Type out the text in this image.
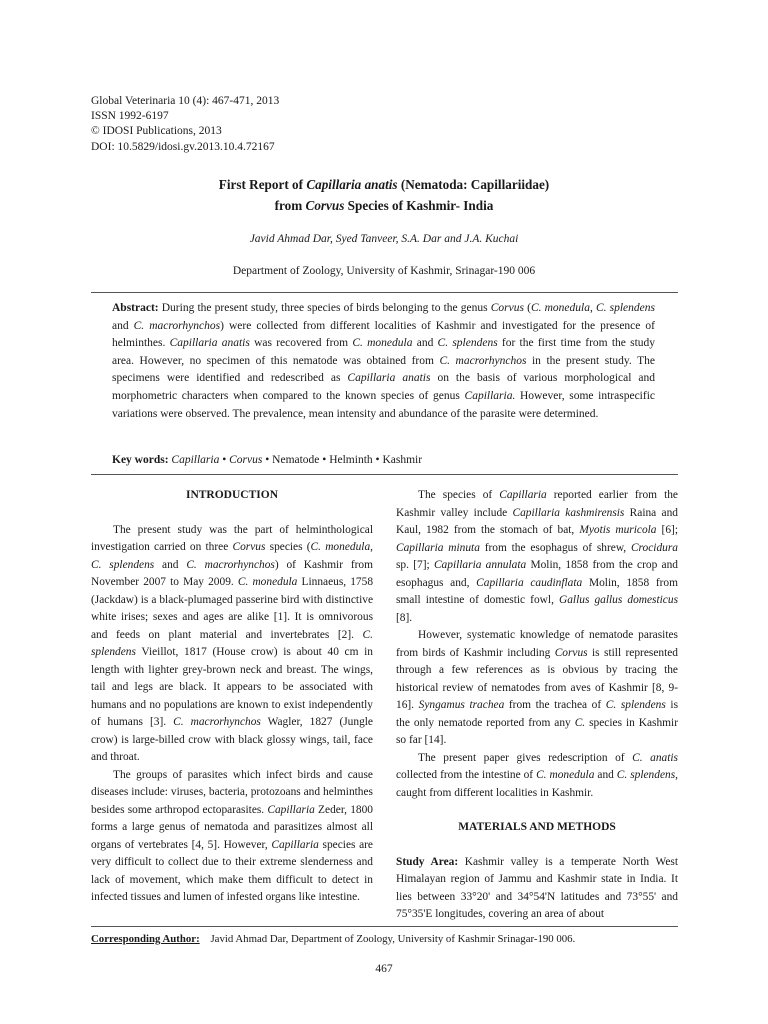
Global Veterinaria 10 (4): 467-471, 2013
ISSN 1992-6197
© IDOSI Publications, 2013
DOI: 10.5829/idosi.gv.2013.10.4.72167
First Report of Capillaria anatis (Nematoda: Capillariidae)
from Corvus Species of Kashmir- India
Javid Ahmad Dar, Syed Tanveer, S.A. Dar and J.A. Kuchai
Department of Zoology, University of Kashmir, Srinagar-190 006
Abstract: During the present study, three species of birds belonging to the genus Corvus (C. monedula, C. splendens and C. macrorhynchos) were collected from different localities of Kashmir and investigated for the presence of helminthes. Capillaria anatis was recovered from C. monedula and C. splendens for the first time from the study area. However, no specimen of this nematode was obtained from C. macrorhynchos in the present study. The specimens were identified and redescribed as Capillaria anatis on the basis of various morphological and morphometric characters when compared to the known species of genus Capillaria. However, some intraspecific variations were observed. The prevalence, mean intensity and abundance of the parasite were determined.
Key words: Capillaria • Corvus • Nematode • Helminth • Kashmir
INTRODUCTION

The present study was the part of helminthological investigation carried on three Corvus species (C. monedula, C. splendens and C. macrorhynchos) of Kashmir from November 2007 to May 2009. C. monedula Linnaeus, 1758 (Jackdaw) is a black-plumaged passerine bird with distinctive white irises; sexes and ages are alike [1]. It is omnivorous and feeds on plant material and invertebrates [2]. C. splendens Vieillot, 1817 (House crow) is about 40 cm in length with lighter grey-brown neck and breast. The wings, tail and legs are black. It appears to be associated with humans and no populations are known to exist independently of humans [3]. C. macrorhynchos Wagler, 1827 (Jungle crow) is large-billed crow with black glossy wings, tail, face and throat.

The groups of parasites which infect birds and cause diseases include: viruses, bacteria, protozoans and helminthes besides some arthropod ectoparasites. Capillaria Zeder, 1800 forms a large genus of nematoda and parasitizes almost all organs of vertebrates [4, 5]. However, Capillaria species are very difficult to collect due to their extreme slenderness and lack of movement, which make them difficult to detect in infected tissues and lumen of infested organs like intestine.

The species of Capillaria reported earlier from the Kashmir valley include Capillaria kashmirensis Raina and Kaul, 1982 from the stomach of bat, Myotis muricola [6]; Capillaria minuta from the esophagus of shrew, Crocidura sp. [7]; Capillaria annulata Molin, 1858 from the crop and esophagus and, Capillaria caudinflata Molin, 1858 from small intestine of domestic fowl, Gallus gallus domesticus [8].

However, systematic knowledge of nematode parasites from birds of Kashmir including Corvus is still represented through a few references as is obvious by tracing the historical review of nematodes from aves of Kashmir [8, 9-16]. Syngamus trachea from the trachea of C. splendens is the only nematode reported from any C. species in Kashmir so far [14].

The present paper gives redescription of C. anatis collected from the intestine of C. monedula and C. splendens, caught from different localities in Kashmir.

MATERIALS AND METHODS

Study Area: Kashmir valley is a temperate North West Himalayan region of Jammu and Kashmir state in India. It lies between 33°20' and 34°54'N latitudes and 73°55' and 75°35'E longitudes, covering an area of about

Corresponding Author: Javid Ahmad Dar, Department of Zoology, University of Kashmir Srinagar-190 006.
467
